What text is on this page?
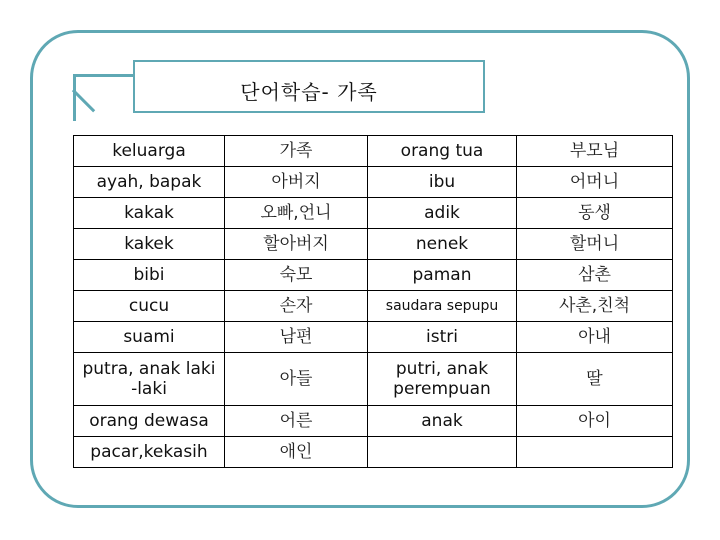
단어학습- 가족
keluarga	가족	orang tua	부모님
ayah, bapak	아버지	ibu	어머니
kakak	오빠,언니	adik	동생
kakek	할아버지	nenek	할머니
bibi	숙모	paman	삼촌
cucu	손자	saudara sepupu	사촌,친척
suami	남편	istri	아내
putra, anak laki -laki	아들	putri, anak perempuan	딸
orang dewasa	어른	anak	아이
pacar,kekasih	애인		
